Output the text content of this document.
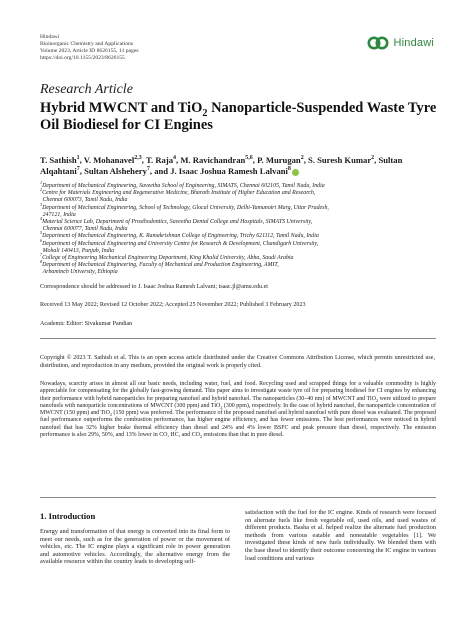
Hindawi
Bioinorganic Chemistry and Applications
Volume 2023, Article ID 8626155, 11 pages
https://doi.org/10.1155/2023/8626155
Hindawi
Research Article
Hybrid MWCNT and TiO$_2$ Nanoparticle-Suspended Waste Tyre Oil Biodiesel for CI Engines
T. Sathish$^1$, V. Mohanavel$^{2,3}$, T. Raja$^4$, M. Ravichandran$^{5,6}$, P. Murugan$^2$, S. Suresh Kumar$^2$, Sultan Alqahtani$^7$, Sultan Alshehery$^7$, and J. Isaac Joshua Ramesh Lalvani$^8$
$^1$Department of Mechanical Engineering, Saveetha School of Engineering, SIMATS, Chennai 602105, Tamil Nadu, India
$^2$Centre for Materials Engineering and Regenerative Medicine, Bharath Institute of Higher Education and Research,
Chennai 600073, Tamil Nadu, India
$^3$Department of Mechanical Engineering, School of Technology, Glocal University, Delhi-Yamunotri Marg, Uttar Pradesh,
247121, India
$^4$Material Science Lab, Department of Prosthodontics, Saveetha Dental College and Hospitals, SIMATS University,
Chennai 600077, Tamil Nadu, India
$^5$Department of Mechanical Engineering, K. Ramakrishnan College of Engineering, Trichy 621112, Tamil Nadu, India
$^6$Department of Mechanical Engineering and University Centre for Research & Development, Chandigarh University,
Mohali 140413, Punjab, India
$^7$College of Engineering Mechanical Engineering Department, King Khalid University, Abha, Saudi Arabia
$^8$Department of Mechanical Engineering, Faculty of Mechanical and Production Engineering, AMIT,
Arbaminch University, Ethiopia
Correspondence should be addressed to J. Isaac Joshua Ramesh Lalvani; isaac.jl@amu.edu.et
Received 13 May 2022; Revised 12 October 2022; Accepted 25 November 2022; Published 3 February 2023
Academic Editor: Sivakumar Pandian
Copyright © 2023 T. Sathish et al. This is an open access article distributed under the Creative Commons Attribution License, which permits unrestricted use, distribution, and reproduction in any medium, provided the original work is properly cited.
Nowadays, scarcity arises in almost all our basic needs, including water, fuel, and food. Recycling used and scrapped things for a valuable commodity is highly appreciable for compensating for the globally fast-growing demand. This paper aims to investigate waste tyre oil for preparing biodiesel for CI engines by enhancing their performance with hybrid nanoparticles for preparing nanofuel and hybrid nanofuel. The nanoparticles (30–40 nm) of MWCNT and TiO$_2$ were utilized to prepare nanofuels with nanoparticle concentrations of MWCNT (300 ppm) and TiO$_2$ (300 ppm), respectively. In the case of hybrid nanofuel, the nanoparticle concentration of MWCNT (150 ppm) and TiO$_2$ (150 ppm) was preferred. The performance of the proposed nanofuel and hybrid nanofuel with pure diesel was evaluated. The proposed fuel performance outperforms the combustion performance, has higher engine efficiency, and has fewer emissions. The best performances were noticed in hybrid nanofuel that has 32% higher brake thermal efficiency than diesel and 24% and 4% lower BSFC and peak pressure than diesel, respectively. The emission performance is also 29%, 50%, and 13% lower in CO, HC, and $CO_2$ emissions than that in pure diesel.
1. Introduction
Energy and transformation of that energy is converted into its final form to meet our needs, such as for the generation of power or the movement of vehicles, etc. The IC engine plays a significant role in power generation and automotive vehicles. Accordingly, the alternative energy from the available resource within the country leads to developing self-
satisfaction with the fuel for the IC engine. Kinds of research were focused on alternate fuels like fresh vegetable oil, used oils, and used wastes of different products. Basha et al. helped realize the alternate fuel production methods from various eatable and noneatable vegetables [1]. We investigated these kinds of new fuels individually. We blended them with the base diesel to identify their outcome concerning the IC engine in various load conditions and various
